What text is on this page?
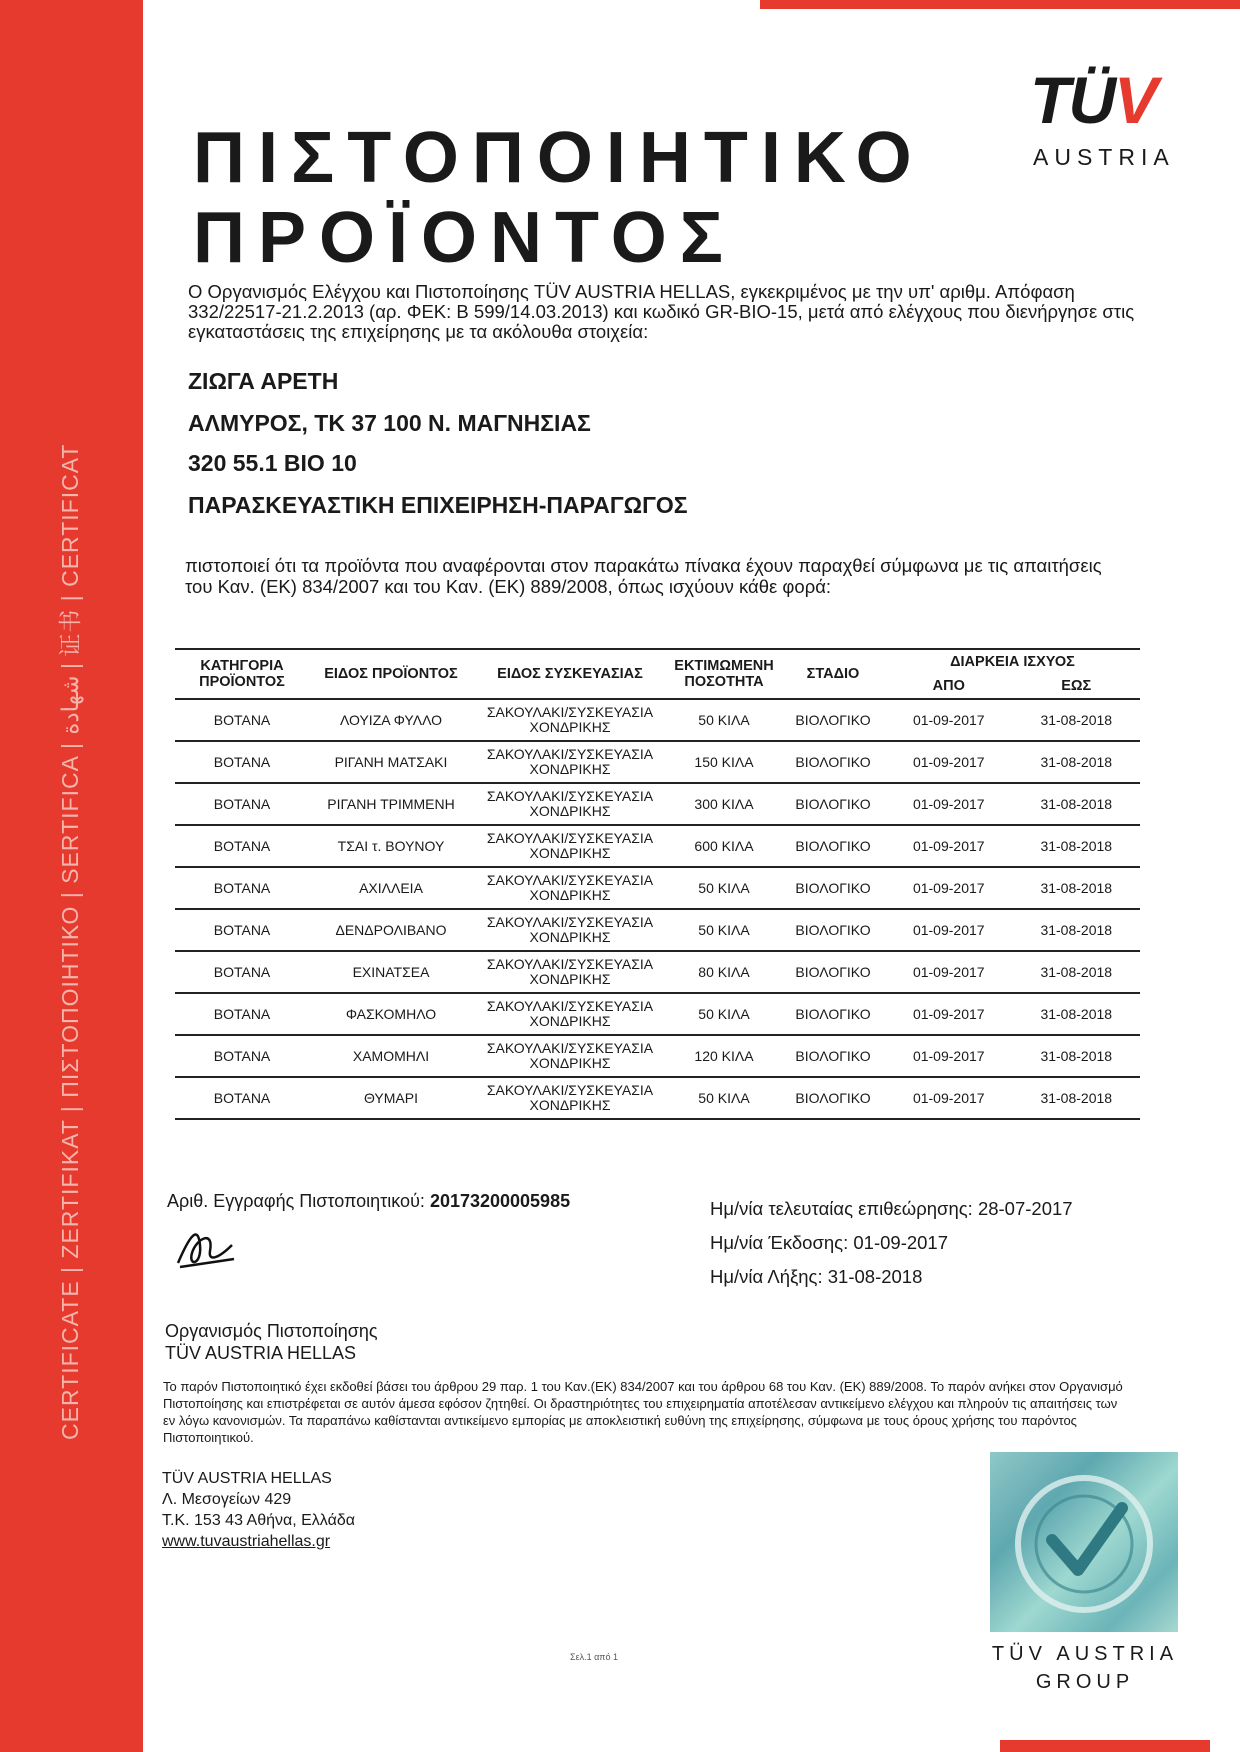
CERTIFICATE | ZERTIFIKAT | ΠΙΣΤΟΠΟΙΗΤΙΚΟ | SERTIFICA | شهادة | 证书 | CERTIFICAT
TÜV
AUSTRIA
ΠΙΣΤΟΠΟΙΗΤΙΚΟ
ΠΡΟΪΟΝΤΟΣ
Ο Οργανισμός Ελέγχου και Πιστοποίησης TÜV AUSTRIA HELLAS, εγκεκριμένος με την υπ' αριθμ. Απόφαση 332/22517-21.2.2013 (αρ. ΦΕΚ: Β 599/14.03.2013) και κωδικό GR-BIO-15, μετά από ελέγχους που διενήργησε στις εγκαταστάσεις της επιχείρησης με τα ακόλουθα στοιχεία:
ΖΙΩΓΑ ΑΡΕΤΗ
ΑΛΜΥΡΟΣ, ΤΚ 37 100 Ν. ΜΑΓΝΗΣΙΑΣ
320 55.1 ΒΙΟ 10
ΠΑΡΑΣΚΕΥΑΣΤΙΚΗ ΕΠΙΧΕΙΡΗΣΗ-ΠΑΡΑΓΩΓΟΣ
πιστοποιεί ότι τα προϊόντα που αναφέρονται στον παρακάτω πίνακα έχουν παραχθεί σύμφωνα με τις απαιτήσεις του Καν. (ΕΚ) 834/2007 και του Καν. (ΕΚ) 889/2008, όπως ισχύουν κάθε φορά:
ΚΑΤΗΓΟΡΙΑ ΠΡΟΪΟΝΤΟΣ	ΕΙΔΟΣ ΠΡΟΪΟΝΤΟΣ	ΕΙΔΟΣ ΣΥΣΚΕΥΑΣΙΑΣ	ΕΚΤΙΜΩΜΕΝΗ ΠΟΣΟΤΗΤΑ	ΣΤΑΔΙΟ	ΔΙΑΡΚΕΙΑ ΙΣΧΥΟΣ	
					ΑΠΟ	ΕΩΣ
ΒΟΤΑΝΑ	ΛΟΥΙΖΑ ΦΥΛΛΟ	ΣΑΚΟΥΛΑΚΙ/ΣΥΣΚΕΥΑΣΙΑ ΧΟΝΔΡΙΚΗΣ	50 ΚΙΛΑ	ΒΙΟΛΟΓΙΚΟ	01-09-2017	31-08-2018
ΒΟΤΑΝΑ	ΡΙΓΑΝΗ ΜΑΤΣΑΚΙ	ΣΑΚΟΥΛΑΚΙ/ΣΥΣΚΕΥΑΣΙΑ ΧΟΝΔΡΙΚΗΣ	150 ΚΙΛΑ	ΒΙΟΛΟΓΙΚΟ	01-09-2017	31-08-2018
ΒΟΤΑΝΑ	ΡΙΓΑΝΗ ΤΡΙΜΜΕΝΗ	ΣΑΚΟΥΛΑΚΙ/ΣΥΣΚΕΥΑΣΙΑ ΧΟΝΔΡΙΚΗΣ	300 ΚΙΛΑ	ΒΙΟΛΟΓΙΚΟ	01-09-2017	31-08-2018
ΒΟΤΑΝΑ	ΤΣΑΙ τ. ΒΟΥΝΟΥ	ΣΑΚΟΥΛΑΚΙ/ΣΥΣΚΕΥΑΣΙΑ ΧΟΝΔΡΙΚΗΣ	600 ΚΙΛΑ	ΒΙΟΛΟΓΙΚΟ	01-09-2017	31-08-2018
ΒΟΤΑΝΑ	ΑΧΙΛΛΕΙΑ	ΣΑΚΟΥΛΑΚΙ/ΣΥΣΚΕΥΑΣΙΑ ΧΟΝΔΡΙΚΗΣ	50 ΚΙΛΑ	ΒΙΟΛΟΓΙΚΟ	01-09-2017	31-08-2018
ΒΟΤΑΝΑ	ΔΕΝΔΡΟΛΙΒΑΝΟ	ΣΑΚΟΥΛΑΚΙ/ΣΥΣΚΕΥΑΣΙΑ ΧΟΝΔΡΙΚΗΣ	50 ΚΙΛΑ	ΒΙΟΛΟΓΙΚΟ	01-09-2017	31-08-2018
ΒΟΤΑΝΑ	ΕΧΙΝΑΤΣΕΑ	ΣΑΚΟΥΛΑΚΙ/ΣΥΣΚΕΥΑΣΙΑ ΧΟΝΔΡΙΚΗΣ	80 ΚΙΛΑ	ΒΙΟΛΟΓΙΚΟ	01-09-2017	31-08-2018
ΒΟΤΑΝΑ	ΦΑΣΚΟΜΗΛΟ	ΣΑΚΟΥΛΑΚΙ/ΣΥΣΚΕΥΑΣΙΑ ΧΟΝΔΡΙΚΗΣ	50 ΚΙΛΑ	ΒΙΟΛΟΓΙΚΟ	01-09-2017	31-08-2018
ΒΟΤΑΝΑ	ΧΑΜΟΜΗΛΙ	ΣΑΚΟΥΛΑΚΙ/ΣΥΣΚΕΥΑΣΙΑ ΧΟΝΔΡΙΚΗΣ	120 ΚΙΛΑ	ΒΙΟΛΟΓΙΚΟ	01-09-2017	31-08-2018
ΒΟΤΑΝΑ	ΘΥΜΑΡΙ	ΣΑΚΟΥΛΑΚΙ/ΣΥΣΚΕΥΑΣΙΑ ΧΟΝΔΡΙΚΗΣ	50 ΚΙΛΑ	ΒΙΟΛΟΓΙΚΟ	01-09-2017	31-08-2018
Αριθ. Εγγραφής Πιστοποιητικού: 20173200005985	Ημ/νία τελευταίας επιθεώρησης: 28-07-2017
Ημ/νία Έκδοσης: 01-09-2017
Ημ/νία Λήξης: 31-08-2018
Οργανισμός Πιστοποίησης
TÜV AUSTRIA HELLAS
Το παρόν Πιστοποιητικό έχει εκδοθεί βάσει του άρθρου 29 παρ. 1 του Καν.(ΕΚ) 834/2007 και του άρθρου 68 του Καν. (ΕΚ) 889/2008. Το παρόν ανήκει στον Οργανισμό Πιστοποίησης και επιστρέφεται σε αυτόν άμεσα εφόσον ζητηθεί. Οι δραστηριότητες του επιχειρηματία αποτέλεσαν αντικείμενο ελέγχου και πληρούν τις απαιτήσεις των εν λόγω κανονισμών. Τα παραπάνω καθίστανται αντικείμενο εμπορίας με αποκλειστική ευθύνη της επιχείρησης, σύμφωνα με τους όρους χρήσης του παρόντος Πιστοποιητικού.
TÜV AUSTRIA HELLAS
Λ. Μεσογείων 429
Τ.Κ. 153 43 Αθήνα, Ελλάδα
www.tuvaustriahellas.gr
TÜV AUSTRIA
GROUP
Σελ.1 από 1
